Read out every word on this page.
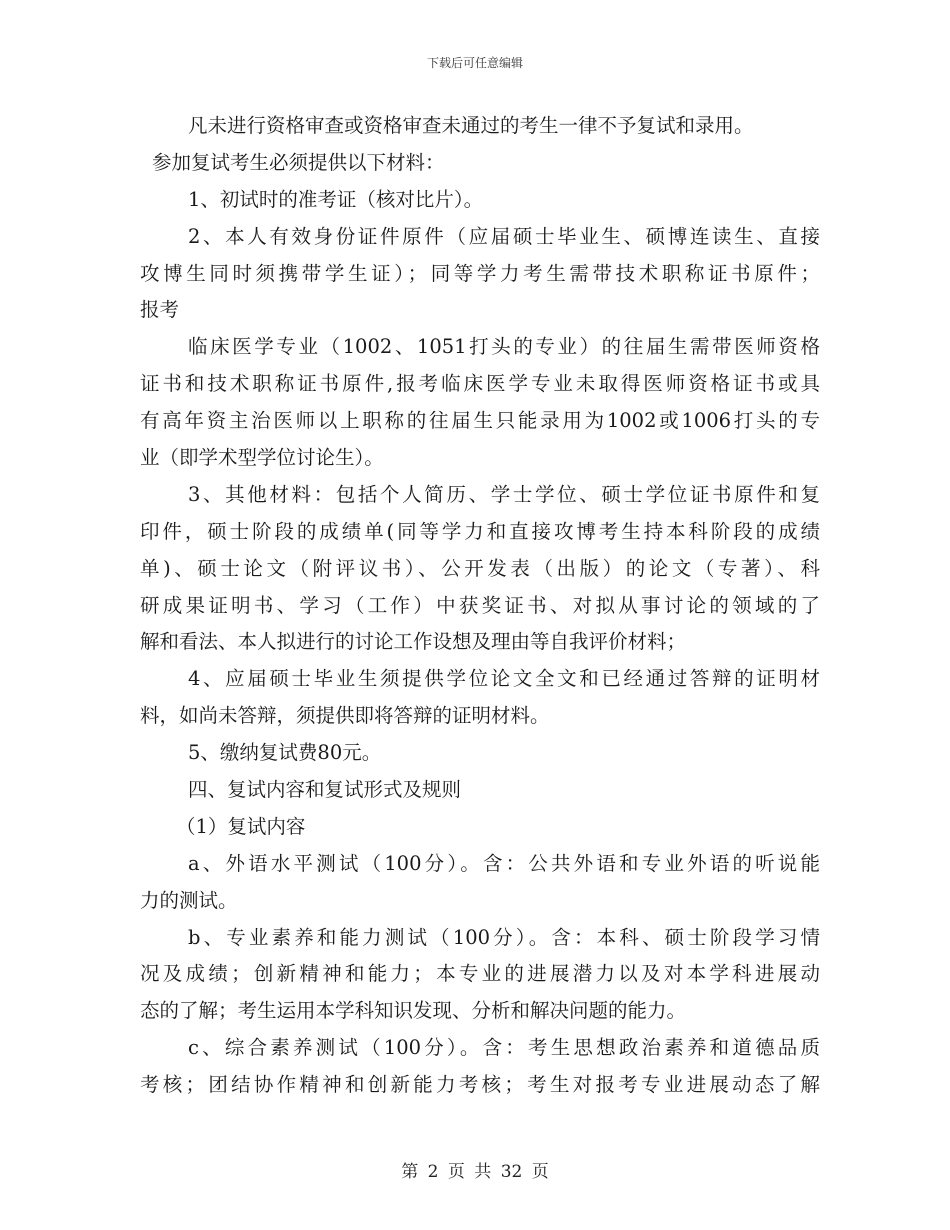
下载后可任意编辑
凡未进行资格审查或资格审查未通过的考生一律不予复试和录用。
参加复试考生必须提供以下材料：
1、初试时的准考证（核对比片）。
2、本人有效身份证件原件（应届硕士毕业生、硕博连读生、直接
攻博生同时须携带学生证）；同等学力考生需带技术职称证书原件；
报考
临床医学专业（1002、1051打头的专业）的往届生需带医师资格
证书和技术职称证书原件,报考临床医学专业未取得医师资格证书或具
有高年资主治医师以上职称的往届生只能录用为1002或1006打头的专
业（即学术型学位讨论生）。
3、其他材料：包括个人简历、学士学位、硕士学位证书原件和复
印件，硕士阶段的成绩单(同等学力和直接攻博考生持本科阶段的成绩
单)、硕士论文（附评议书）、公开发表（出版）的论文（专著）、科
研成果证明书、学习（工作）中获奖证书、对拟从事讨论的领域的了
解和看法、本人拟进行的讨论工作设想及理由等自我评价材料；
4、应届硕士毕业生须提供学位论文全文和已经通过答辩的证明材
料，如尚未答辩，须提供即将答辩的证明材料。
5、缴纳复试费80元。
四、复试内容和复试形式及规则
（1）复试内容
a、外语水平测试（100分）。含：公共外语和专业外语的听说能
力的测试。
b、专业素养和能力测试（100分）。含：本科、硕士阶段学习情
况及成绩；创新精神和能力；本专业的进展潜力以及对本学科进展动
态的了解；考生运用本学科知识发现、分析和解决问题的能力。
c、综合素养测试（100分）。含：考生思想政治素养和道德品质
考核；团结协作精神和创新能力考核；考生对报考专业进展动态了解
第 2 页 共 32 页
